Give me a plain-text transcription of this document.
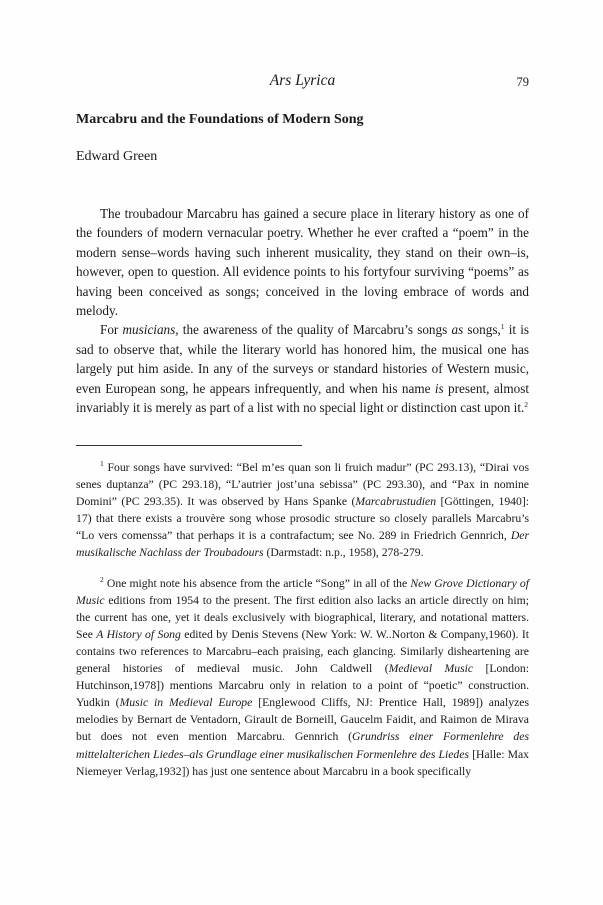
Ars Lyrica	79
Marcabru and the Foundations of Modern Song
Edward Green

The troubadour Marcabru has gained a secure place in literary history as one of the founders of modern vernacular poetry. Whether he ever crafted a “poem” in the modern sense–words having such inherent musicality, they stand on their own–is, however, open to question. All evidence points to his fortyfour surviving “poems” as having been conceived as songs; conceived in the loving embrace of words and melody.

For musicians, the awareness of the quality of Marcabru’s songs as songs,$^1$ it is sad to observe that, while the literary world has honored him, the musical one has largely put him aside. In any of the surveys or standard histories of Western music, even European song, he appears infrequently, and when his name is present, almost invariably it is merely as part of a list with no special light or distinction cast upon it.$^2$

$^1$ Four songs have survived: “Bel m’es quan son li fruich madur” (PC 293.13), “Dirai vos senes duptanza” (PC 293.18), “L’autrier jost’una sebissa” (PC 293.30), and “Pax in nomine Domini” (PC 293.35). It was observed by Hans Spanke (Marcabrustudien [Göttingen, 1940]: 17) that there exists a trouvère song whose prosodic structure so closely parallels Marcabru’s “Lo vers comenssa” that perhaps it is a contrafactum; see No. 289 in Friedrich Gennrich, Der musikalische Nachlass der Troubadours (Darmstadt: n.p., 1958), 278-279.

$^2$ One might note his absence from the article “Song” in all of the New Grove Dictionary of Music editions from 1954 to the present. The first edition also lacks an article directly on him; the current has one, yet it deals exclusively with biographical, literary, and notational matters. See A History of Song edited by Denis Stevens (New York: W. W..Norton & Company,1960). It contains two references to Marcabru–each praising, each glancing. Similarly disheartening are general histories of medieval music. John Caldwell (Medieval Music [London: Hutchinson,1978]) mentions Marcabru only in relation to a point of “poetic” construction. Yudkin (Music in Medieval Europe [Englewood Cliffs, NJ: Prentice Hall, 1989]) analyzes melodies by Bernart de Ventadorn, Girault de Borneill, Gaucelm Faidit, and Raimon de Mirava but does not even mention Marcabru. Gennrich (Grundriss einer Formenlehre des mittelalterichen Liedes–als Grundlage einer musikalischen Formenlehre des Liedes [Halle: Max Niemeyer Verlag,1932]) has just one sentence about Marcabru in a book specifically
